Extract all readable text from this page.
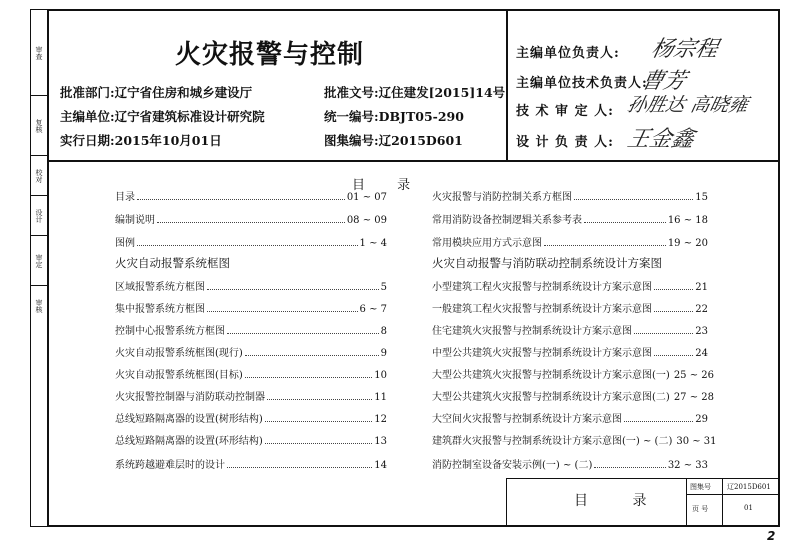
审查
复核
校对
设计
审定
审核
火灾报警与控制
批准部门:辽宁省住房和城乡建设厅	批准文号:辽住建发[2015]14号
主编单位:辽宁省建筑标准设计研究院	统一编号:DBJT05-290
实行日期:2015年10月01日	图集编号:辽2015D601
主编单位负责人: 杨宗程
主编单位技术负责人:
曹芳
技 术 审 定 人: 孙胜达 高晓雍
设 计 负 责 人: 王金鑫
目 录
目录	01 ~ 07
编制说明	08 ~ 09
图例	1 ~ 4
火灾自动报警系统框图
区域报警系统方框图	5
集中报警系统方框图	6 ~ 7
控制中心报警系统方框图	8
火灾自动报警系统框图(现行)	9
火灾自动报警系统框图(目标)	10
火灾报警控制器与消防联动控制器	11
总线短路隔离器的设置(树形结构)	12
总线短路隔离器的设置(环形结构)	13
系统跨越避难层时的设计	14
火灾报警与消防控制关系方框图	15
常用消防设备控制逻辑关系参考表	16 ~ 18
常用模块应用方式示意图	19 ~ 20
火灾自动报警与消防联动控制系统设计方案图
小型建筑工程火灾报警与控制系统设计方案示意图	21
一般建筑工程火灾报警与控制系统设计方案示意图	22
住宅建筑火灾报警与控制系统设计方案示意图	23
中型公共建筑火灾报警与控制系统设计方案示意图	24
大型公共建筑火灾报警与控制系统设计方案示意图(一) 25 ~ 26
大型公共建筑火灾报警与控制系统设计方案示意图(二) 27 ~ 28
大空间火灾报警与控制系统设计方案示意图	29
建筑群火灾报警与控制系统设计方案示意图(一) ~ (二) 30 ~ 31
消防控制室设备安装示例(一) ~ (二)	32 ~ 33
目 录
图集号 辽2015D601
页 号	01
2
